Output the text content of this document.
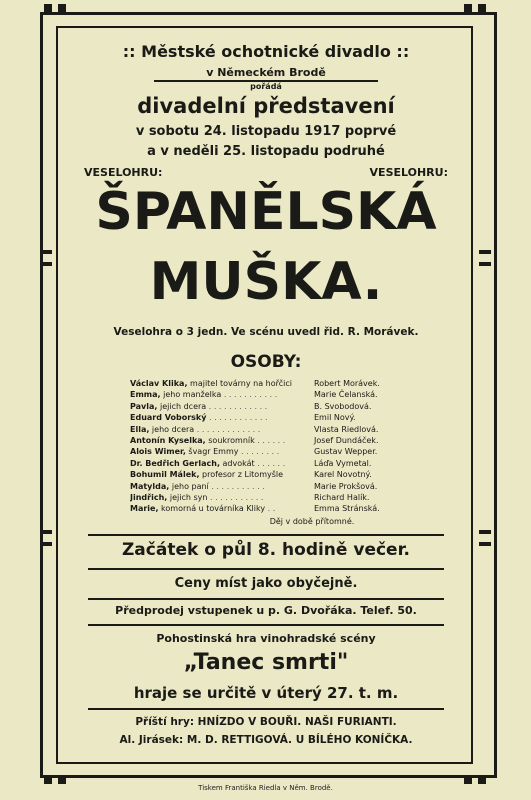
:: Městské ochotnické divadlo ::
v Německém Brodě
pořádá
divadelní představení
v sobotu 24. listopadu 1917 poprvé
a v neděli 25. listopadu podruhé
VESELOHRU:	VESELOHRU:
ŠPANĚLSKÁ
MUŠKA.
Veselohra o 3 jedn. Ve scénu uvedl řid. R. Morávek.
OSOBY:
Václav Klika, majitel továrny na hořčici	Robert Morávek.
Emma, jeho manželka . . . . . . . . . . .	Marie Čelanská.
Pavla, jejich dcera . . . . . . . . . . . .	B. Svobodová.
Eduard Voborský . . . . . . . . . . . .	Emil Nový.
Ella, jeho dcera . . . . . . . . . . . . .	Vlasta Riedlová.
Antonín Kyselka, soukromník . . . . . .	Josef Dundáček.
Alois Wimer, švagr Emmy . . . . . . . .	Gustav Wepper.
Dr. Bedřich Gerlach, advokát . . . . . .	Láďa Vymetal.
Bohumil Málek, profesor z Litomyšle	Karel Novotný.
Matylda, jeho paní . . . . . . . . . . .	Marie Prokšová.
Jindřich, jejich syn . . . . . . . . . . .	Richard Halík.
Marie, komorná u továrníka Kliky . .	Emma Stránská.
Děj v době přítomné.
Začátek o půl 8. hodině večer.
Ceny míst jako obyčejně.
Předprodej vstupenek u p. G. Dvořáka. Telef. 50.
Pohostinská hra vinohradské scény
„Tanec smrti"
hraje se určitě v úterý 27. t. m.
Příští hry: HNÍZDO V BOUŘI. NAŠI FURIANTI.
Al. Jirásek: M. D. RETTIGOVÁ. U BÍLÉHO KONÍČKA.
Tiskem Františka Riedla v Něm. Brodě.
